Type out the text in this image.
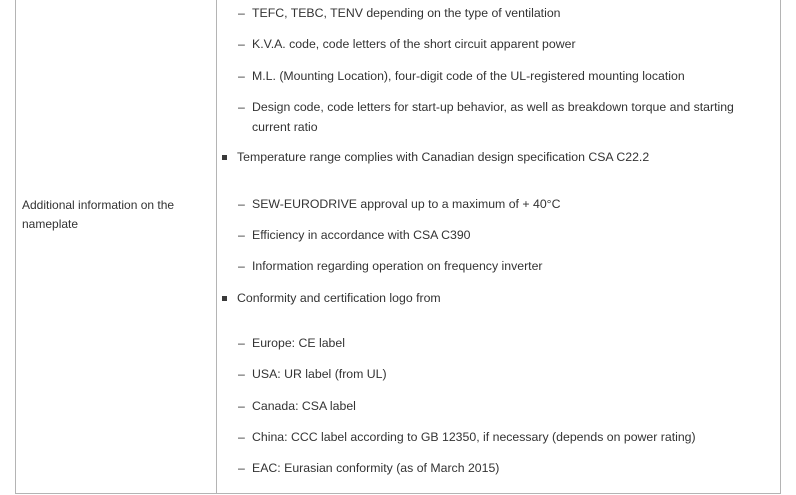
Additional information on the
nameplate
– TEFC, TEBC, TENV depending on the type of ventilation
– K.V.A. code, code letters of the short circuit apparent power
– M.L. (Mounting Location), four-digit code of the UL-registered mounting location
– Design code, code letters for start-up behavior, as well as breakdown torque and starting
current ratio
Temperature range complies with Canadian design specification CSA C22.2
– SEW-EURODRIVE approval up to a maximum of + 40°C
– Efficiency in accordance with CSA C390
– Information regarding operation on frequency inverter
Conformity and certification logo from
– Europe: CE label
– USA: UR label (from UL)
– Canada: CSA label
– China: CCC label according to GB 12350, if necessary (depends on power rating)
– EAC: Eurasian conformity (as of March 2015)
